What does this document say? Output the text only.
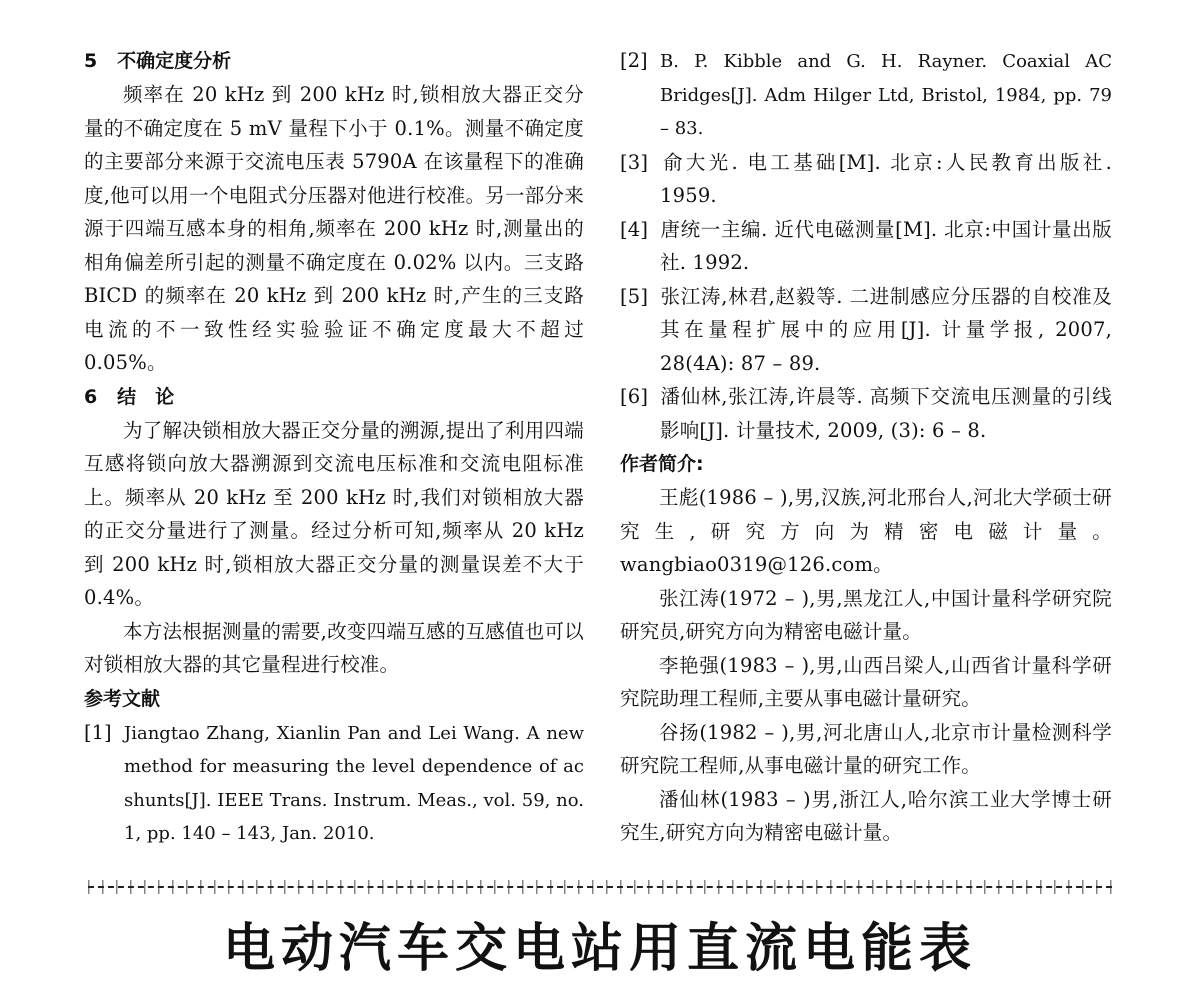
5 不确定度分析

频率在 20 kHz 到 200 kHz 时,锁相放大器正交分量的不确定度在 5 mV 量程下小于 0.1%。测量不确定度的主要部分来源于交流电压表 5790A 在该量程下的准确度,他可以用一个电阻式分压器对他进行校准。另一部分来源于四端互感本身的相角,频率在 200 kHz 时,测量出的相角偏差所引起的测量不确定度在 0.02% 以内。三支路 BICD 的频率在 20 kHz 到 200 kHz 时,产生的三支路电流的不一致性经实验验证不确定度最大不超过 0.05%。

6 结　论

为了解决锁相放大器正交分量的溯源,提出了利用四端互感将锁向放大器溯源到交流电压标准和交流电阻标准上。频率从 20 kHz 至 200 kHz 时,我们对锁相放大器的正交分量进行了测量。经过分析可知,频率从 20 kHz 到 200 kHz 时,锁相放大器正交分量的测量误差不大于 0.4%。

本方法根据测量的需要,改变四端互感的互感值也可以对锁相放大器的其它量程进行校准。

参考文献

[1] Jiangtao Zhang, Xianlin Pan and Lei Wang. A new method for measuring the level dependence of ac shunts[J]. IEEE Trans. Instrum. Meas., vol. 59, no. 1, pp. 140 – 143, Jan. 2010.

[2] B. P. Kibble and G. H. Rayner. Coaxial AC Bridges[J]. Adm Hilger Ltd, Bristol, 1984, pp. 79 – 83.

[3] 俞大光. 电工基础[M]. 北京:人民教育出版社. 1959.

[4] 唐统一主编. 近代电磁测量[M]. 北京:中国计量出版社. 1992.

[5] 张江涛,林君,赵毅等. 二进制感应分压器的自校准及其在量程扩展中的应用[J]. 计量学报, 2007, 28(4A): 87 – 89.

[6] 潘仙林,张江涛,许晨等. 高频下交流电压测量的引线影响[J]. 计量技术, 2009, (3): 6 – 8.

作者简介:

王彪(1986 – ),男,汉族,河北邢台人,河北大学硕士研究生,研究方向为精密电磁计量。wangbiao0319@126.com。

张江涛(1972 – ),男,黑龙江人,中国计量科学研究院研究员,研究方向为精密电磁计量。

李艳强(1983 – ),男,山西吕梁人,山西省计量科学研究院助理工程师,主要从事电磁计量研究。

谷扬(1982 – ),男,河北唐山人,北京市计量检测科学研究院工程师,从事电磁计量的研究工作。

潘仙林(1983 – )男,浙江人,哈尔滨工业大学博士研究生,研究方向为精密电磁计量。

电动汽车交电站用直流电能表
